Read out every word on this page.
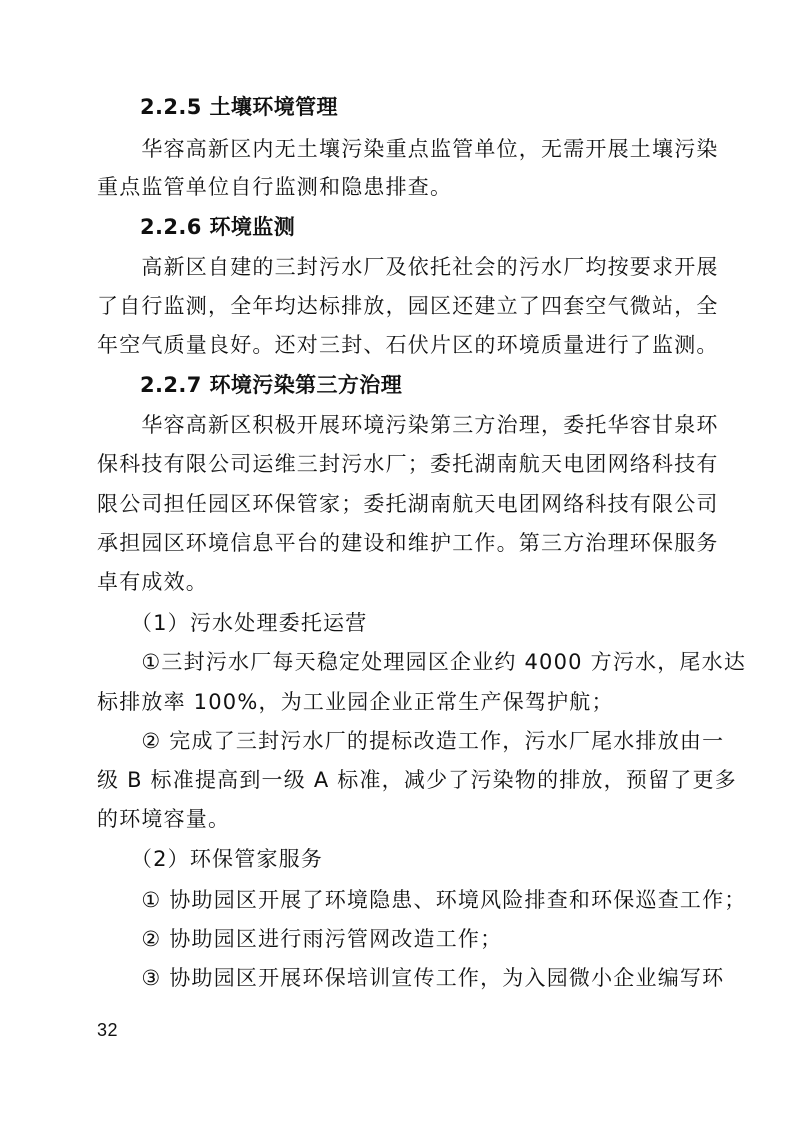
2.2.5 土壤环境管理
　　华容高新区内无土壤污染重点监管单位，无需开展土壤污染
重点监管单位自行监测和隐患排查。
2.2.6 环境监测
　　高新区自建的三封污水厂及依托社会的污水厂均按要求开展
了自行监测，全年均达标排放，园区还建立了四套空气微站，全
年空气质量良好。还对三封、石伏片区的环境质量进行了监测。
2.2.7 环境污染第三方治理
　　华容高新区积极开展环境污染第三方治理，委托华容甘泉环
保科技有限公司运维三封污水厂；委托湖南航天电团网络科技有
限公司担任园区环保管家；委托湖南航天电团网络科技有限公司
承担园区环境信息平台的建设和维护工作。第三方治理环保服务
卓有成效。
　　（1）污水处理委托运营
　　①三封污水厂每天稳定处理园区企业约 4000 方污水，尾水达
标排放率 100%，为工业园企业正常生产保驾护航；
　　② 完成了三封污水厂的提标改造工作，污水厂尾水排放由一
级 B 标准提高到一级 A 标准，减少了污染物的排放，预留了更多
的环境容量。
　　（2）环保管家服务
　　① 协助园区开展了环境隐患、环境风险排查和环保巡查工作；
　　② 协助园区进行雨污管网改造工作；
　　③ 协助园区开展环保培训宣传工作，为入园微小企业编写环
32
